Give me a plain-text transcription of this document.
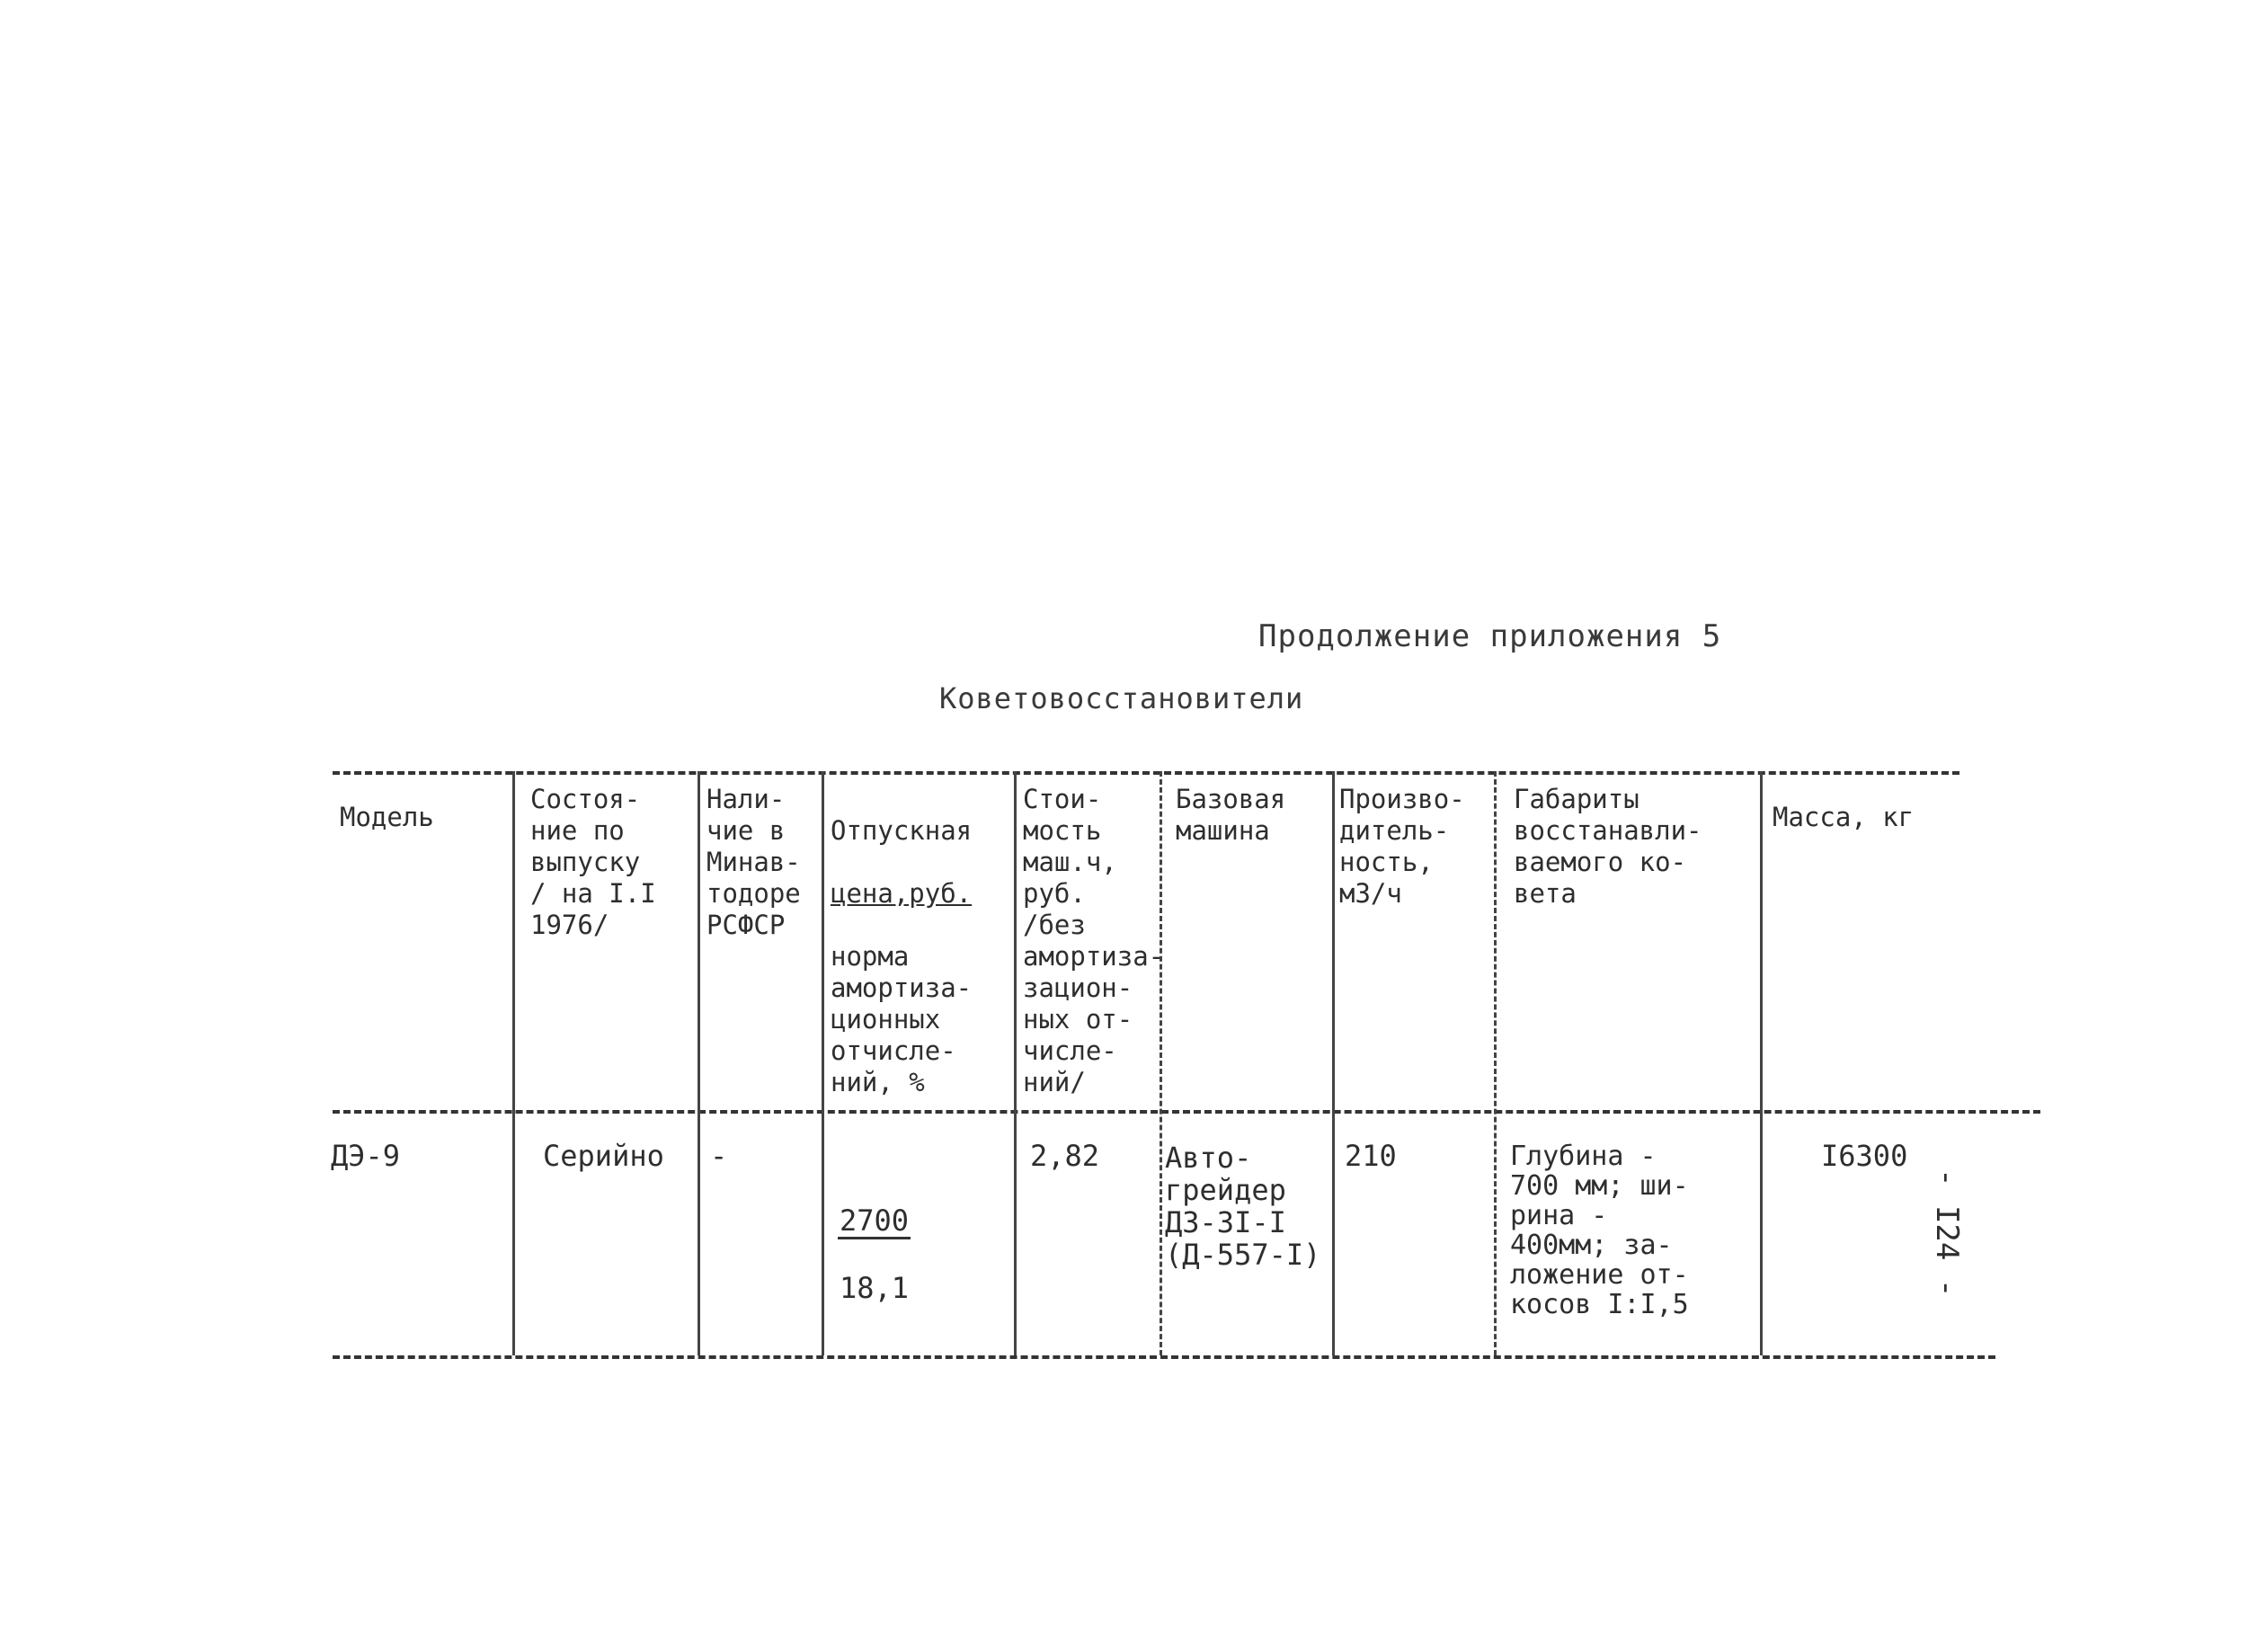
Продолжение приложения 5
Коветовосстановители
Модель
Состоя-
ние по
выпуску
/ на I.I
1976/
Нали-
чие в
Минав-
тодоре
РСФСР

Отпускная

цена,руб.

норма
амортиза-
ционных
отчисле-
ний, %

Стои-
мость
маш.ч,
руб.
/без
амортиза-
зацион-
ных от-
числе-
ний/
Базовая
машина
Произво-
дитель-
ность,
м3/ч
Габариты
восстанавли-
ваемого ко-
вета
Масса, кг
ДЭ-9	Серийно -

$\frac{2700}{18,1}$

2,82 Авто-
грейдер
ДЗ-3I-I
(Д-557-I)
210	Глубина -
700 мм; ши-
рина -
400мм; за-
ложение от-
косов I:I,5
I6300
- I24 -
